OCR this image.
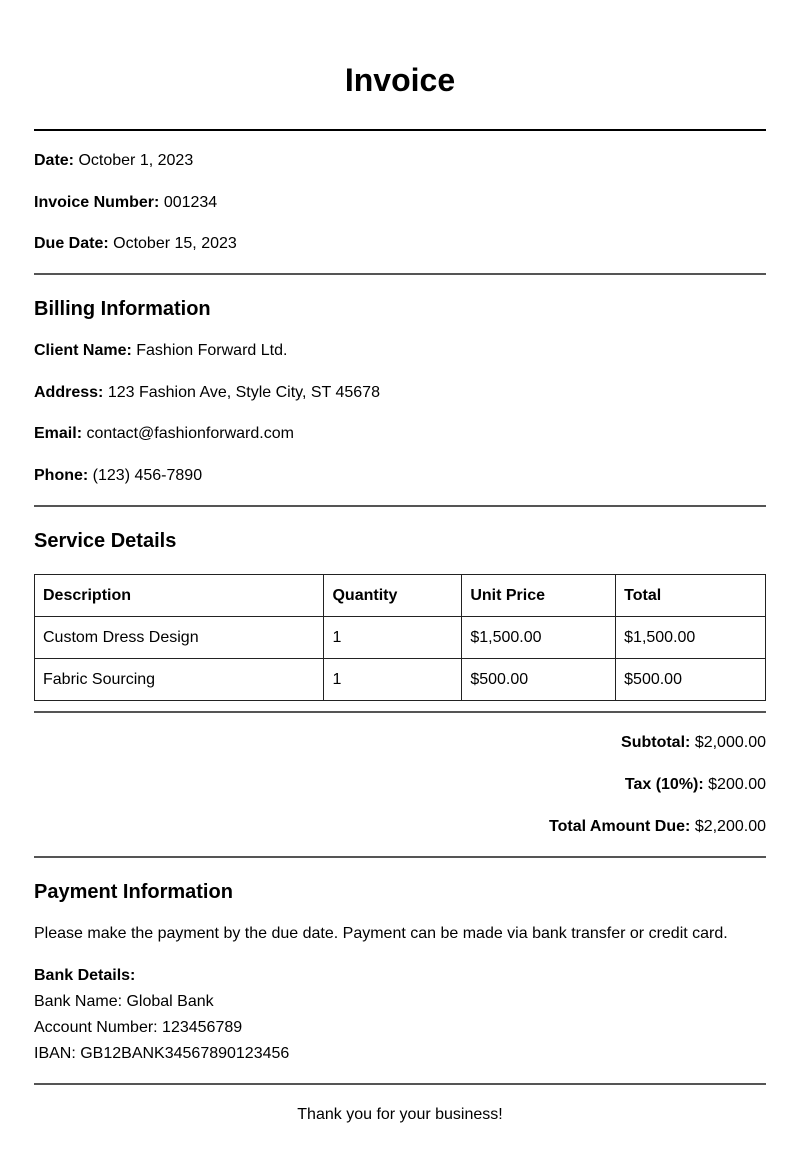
Invoice

Date: October 1, 2023

Invoice Number: 001234

Due Date: October 15, 2023

Billing Information

Client Name: Fashion Forward Ltd.

Address: 123 Fashion Ave, Style City, ST 45678

Email: contact@fashionforward.com

Phone: (123) 456-7890

Service Details
Description	Quantity	Unit Price	Total
Custom Dress Design	1	$1,500.00	$1,500.00
Fabric Sourcing	1	$500.00	$500.00

Subtotal: $2,000.00

Tax (10%): $200.00

Total Amount Due: $2,200.00

Payment Information

Please make the payment by the due date. Payment can be made via bank transfer or credit card.

Bank Details:

Bank Name: Global Bank

Account Number: 123456789

IBAN: GB12BANK34567890123456

Thank you for your business!
